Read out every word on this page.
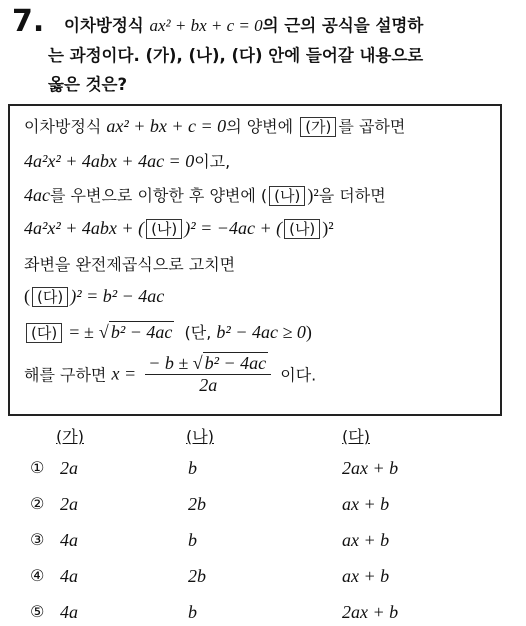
7. 이차방정식 ax² + bx + c = 0의 근의 공식을 설명하
는 과정이다. (가), (나), (다) 안에 들어갈 내용으로
옳은 것은?
이차방정식 ax² + bx + c = 0의 양변에 (가) 를 곱하면
4a²x² + 4abx + 4ac = 0이고,
4ac를 우변으로 이항한 후 양변에 ( (나) )²을 더하면
4a²x² + 4abx + ( (나) )² = −4ac + ( (나) )²
좌변을 완전제곱식으로 고치면
( (다) )² = b² − 4ac
(다) = ± √ b² − 4ac (단, b² − 4ac ≥ 0)
해를 구하면 $x = \frac{\text{− b ± √ b² − 4ac}}{2a}$ 이다.
(가)	(나)	(다)
① 2a	b	2ax + b
② 2a	2b	ax + b
③ 4a	b	ax + b
④ 4a	2b	ax + b
⑤ 4a	b	2ax + b
